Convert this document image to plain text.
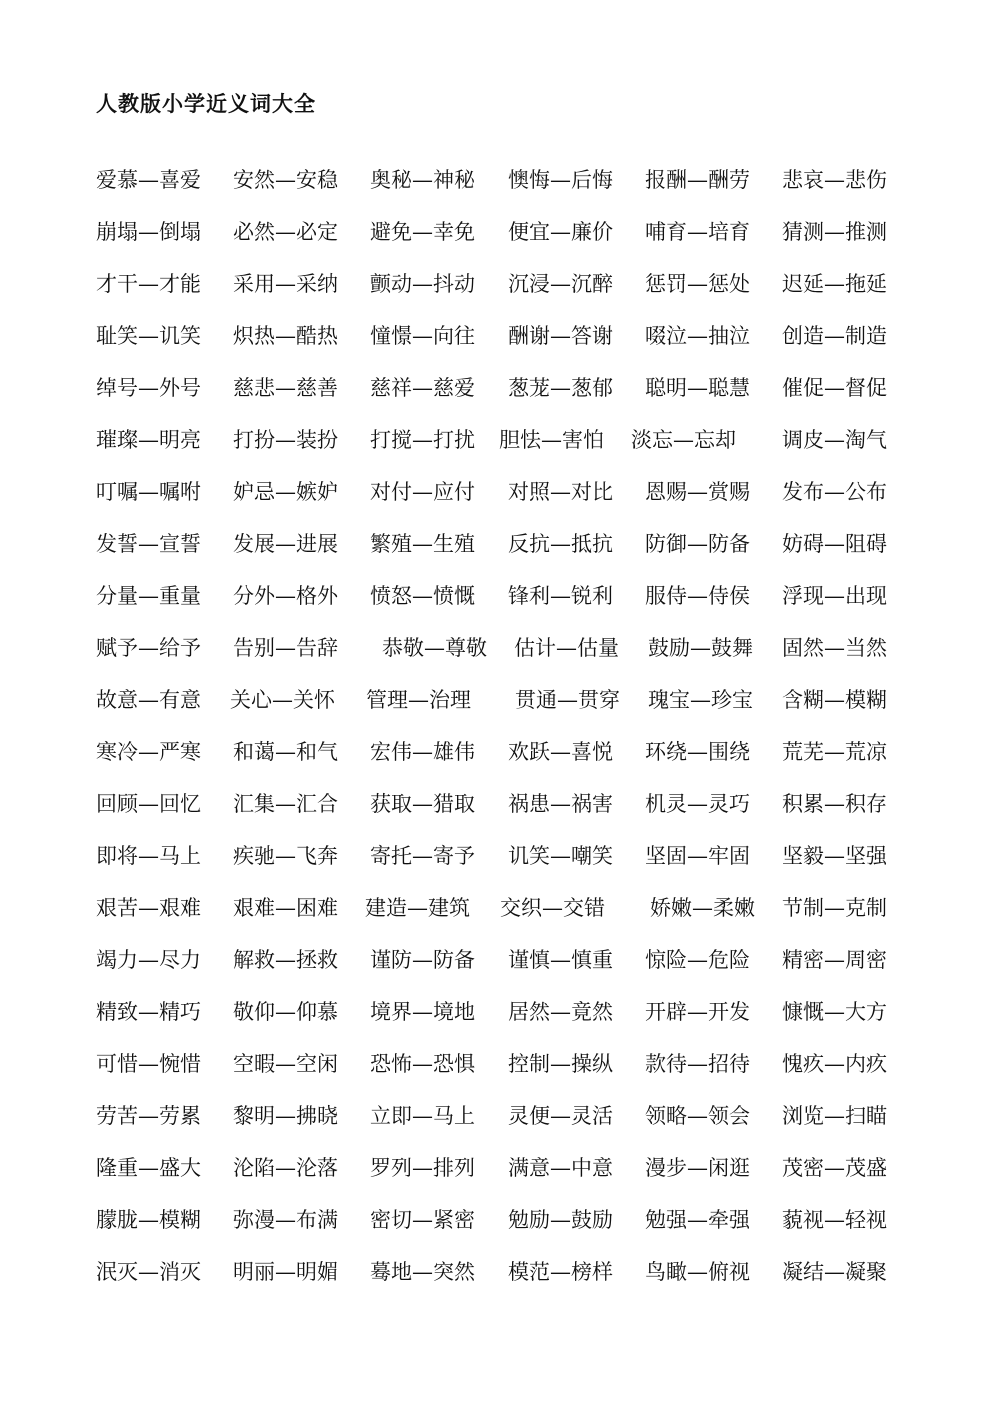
人教版小学近义词大全
爱慕—喜爱 安然—安稳 奥秘—神秘 懊悔—后悔 报酬—酬劳 悲哀—悲伤
崩塌—倒塌 必然—必定 避免—幸免 便宜—廉价 哺育—培育 猜测—推测
才干—才能 采用—采纳 颤动—抖动 沉浸—沉醉 惩罚—惩处 迟延—拖延
耻笑—讥笑 炽热—酷热 憧憬—向往 酬谢—答谢 啜泣—抽泣 创造—制造
绰号—外号 慈悲—慈善 慈祥—慈爱 葱茏—葱郁 聪明—聪慧 催促—督促
璀璨—明亮 打扮—装扮 打搅—打扰 胆怯—害怕 淡忘—忘却 调皮—淘气
叮嘱—嘱咐 妒忌—嫉妒 对付—应付 对照—对比 恩赐—赏赐 发布—公布
发誓—宣誓 发展—进展 繁殖—生殖 反抗—抵抗 防御—防备 妨碍—阻碍
分量—重量 分外—格外 愤怒—愤慨 锋利—锐利 服侍—侍侯 浮现—出现
赋予—给予 告别—告辞 恭敬—尊敬 估计—估量 鼓励—鼓舞 固然—当然
故意—有意 关心—关怀 管理—治理 贯通—贯穿 瑰宝—珍宝 含糊—模糊
寒冷—严寒 和蔼—和气 宏伟—雄伟 欢跃—喜悦 环绕—围绕 荒芜—荒凉
回顾—回忆 汇集—汇合 获取—猎取 祸患—祸害 机灵—灵巧 积累—积存
即将—马上 疾驰—飞奔 寄托—寄予 讥笑—嘲笑 坚固—牢固 坚毅—坚强
艰苦—艰难 艰难—困难 建造—建筑 交织—交错 娇嫩—柔嫩 节制—克制
竭力—尽力 解救—拯救 谨防—防备 谨慎—慎重 惊险—危险 精密—周密
精致—精巧 敬仰—仰慕 境界—境地 居然—竟然 开辟—开发 慷慨—大方
可惜—惋惜 空暇—空闲 恐怖—恐惧 控制—操纵 款待—招待 愧疚—内疚
劳苦—劳累 黎明—拂晓 立即—马上 灵便—灵活 领略—领会 浏览—扫瞄
隆重—盛大 沦陷—沦落 罗列—排列 满意—中意 漫步—闲逛 茂密—茂盛
朦胧—模糊 弥漫—布满 密切—紧密 勉励—鼓励 勉强—牵强 藐视—轻视
泯灭—消灭 明丽—明媚 蓦地—突然 模范—榜样 鸟瞰—俯视 凝结—凝聚
